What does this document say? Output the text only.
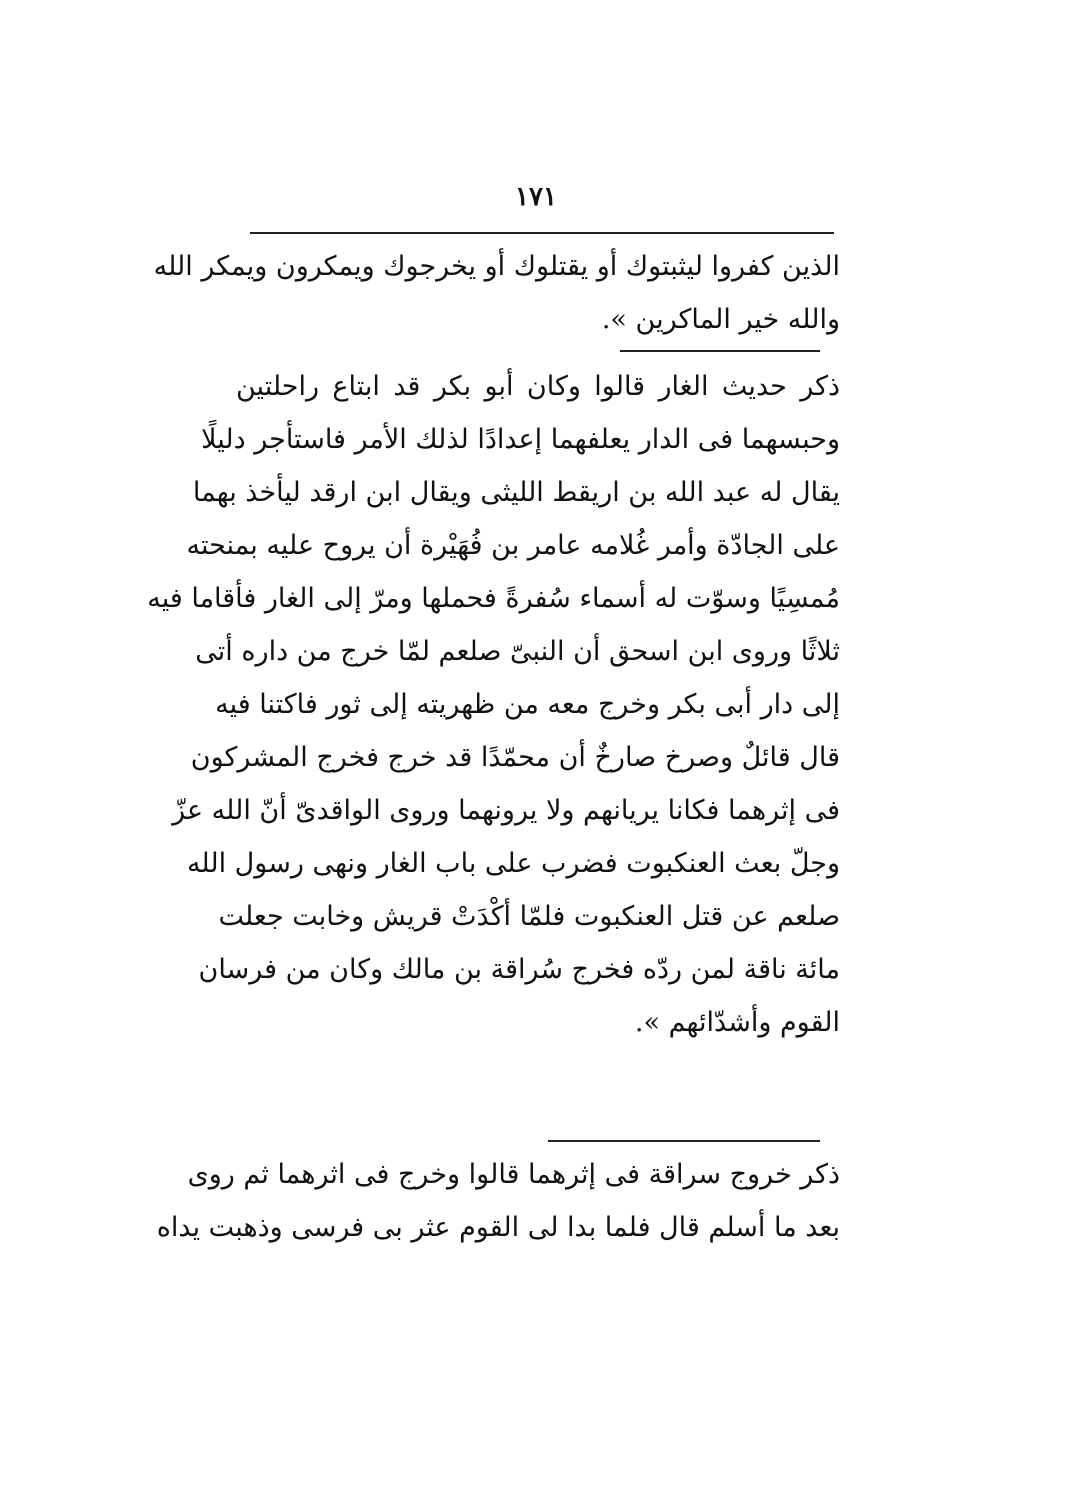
١٧١
الذين كفروا ليثبتوك أو يقتلوك أو يخرجوك ويمكرون ويمكر الله
والله خير الماكرين ».
ذكر حديث الغار قالوا وكان أبو بكر قد ابتاع راحلتين
وحبسهما فى الدار يعلفهما إعدادًا لذلك الأمر فاستأجر دليلًا
يقال له عبد الله بن اريقط الليثى ويقال ابن ارقد ليأخذ بهما
على الجادّة وأمر غُلامه عامر بن فُهَيْرة أن يروح عليه بمنحته
مُمسِيًا وسوّت له أسماء سُفرةً فحملها ومرّ إلى الغار فأقاما فيه
ثلاثًا وروى ابن اسحق أن النبىّ صلعم لمّا خرج من داره أتى
إلى دار أبى بكر وخرج معه من ظهريته إلى ثور فاكتنا فيه
قال قائلٌ وصرخ صارخٌ أن محمّدًا قد خرج فخرج المشركون
فى إثرهما فكانا يريانهم ولا يرونهما وروى الواقدىّ أنّ الله عزّ
وجلّ بعث العنكبوت فضرب على باب الغار ونهى رسول الله
صلعم عن قتل العنكبوت فلمّا أكْدَتْ قريش وخابت جعلت
مائة ناقة لمن ردّه فخرج سُراقة بن مالك وكان من فرسان
القوم وأشدّائهم ».
ذكر خروج سراقة فى إثرهما قالوا وخرج فى اثرهما ثم روى
بعد ما أسلم قال فلما بدا لى القوم عثر بى فرسى وذهبت يداه
